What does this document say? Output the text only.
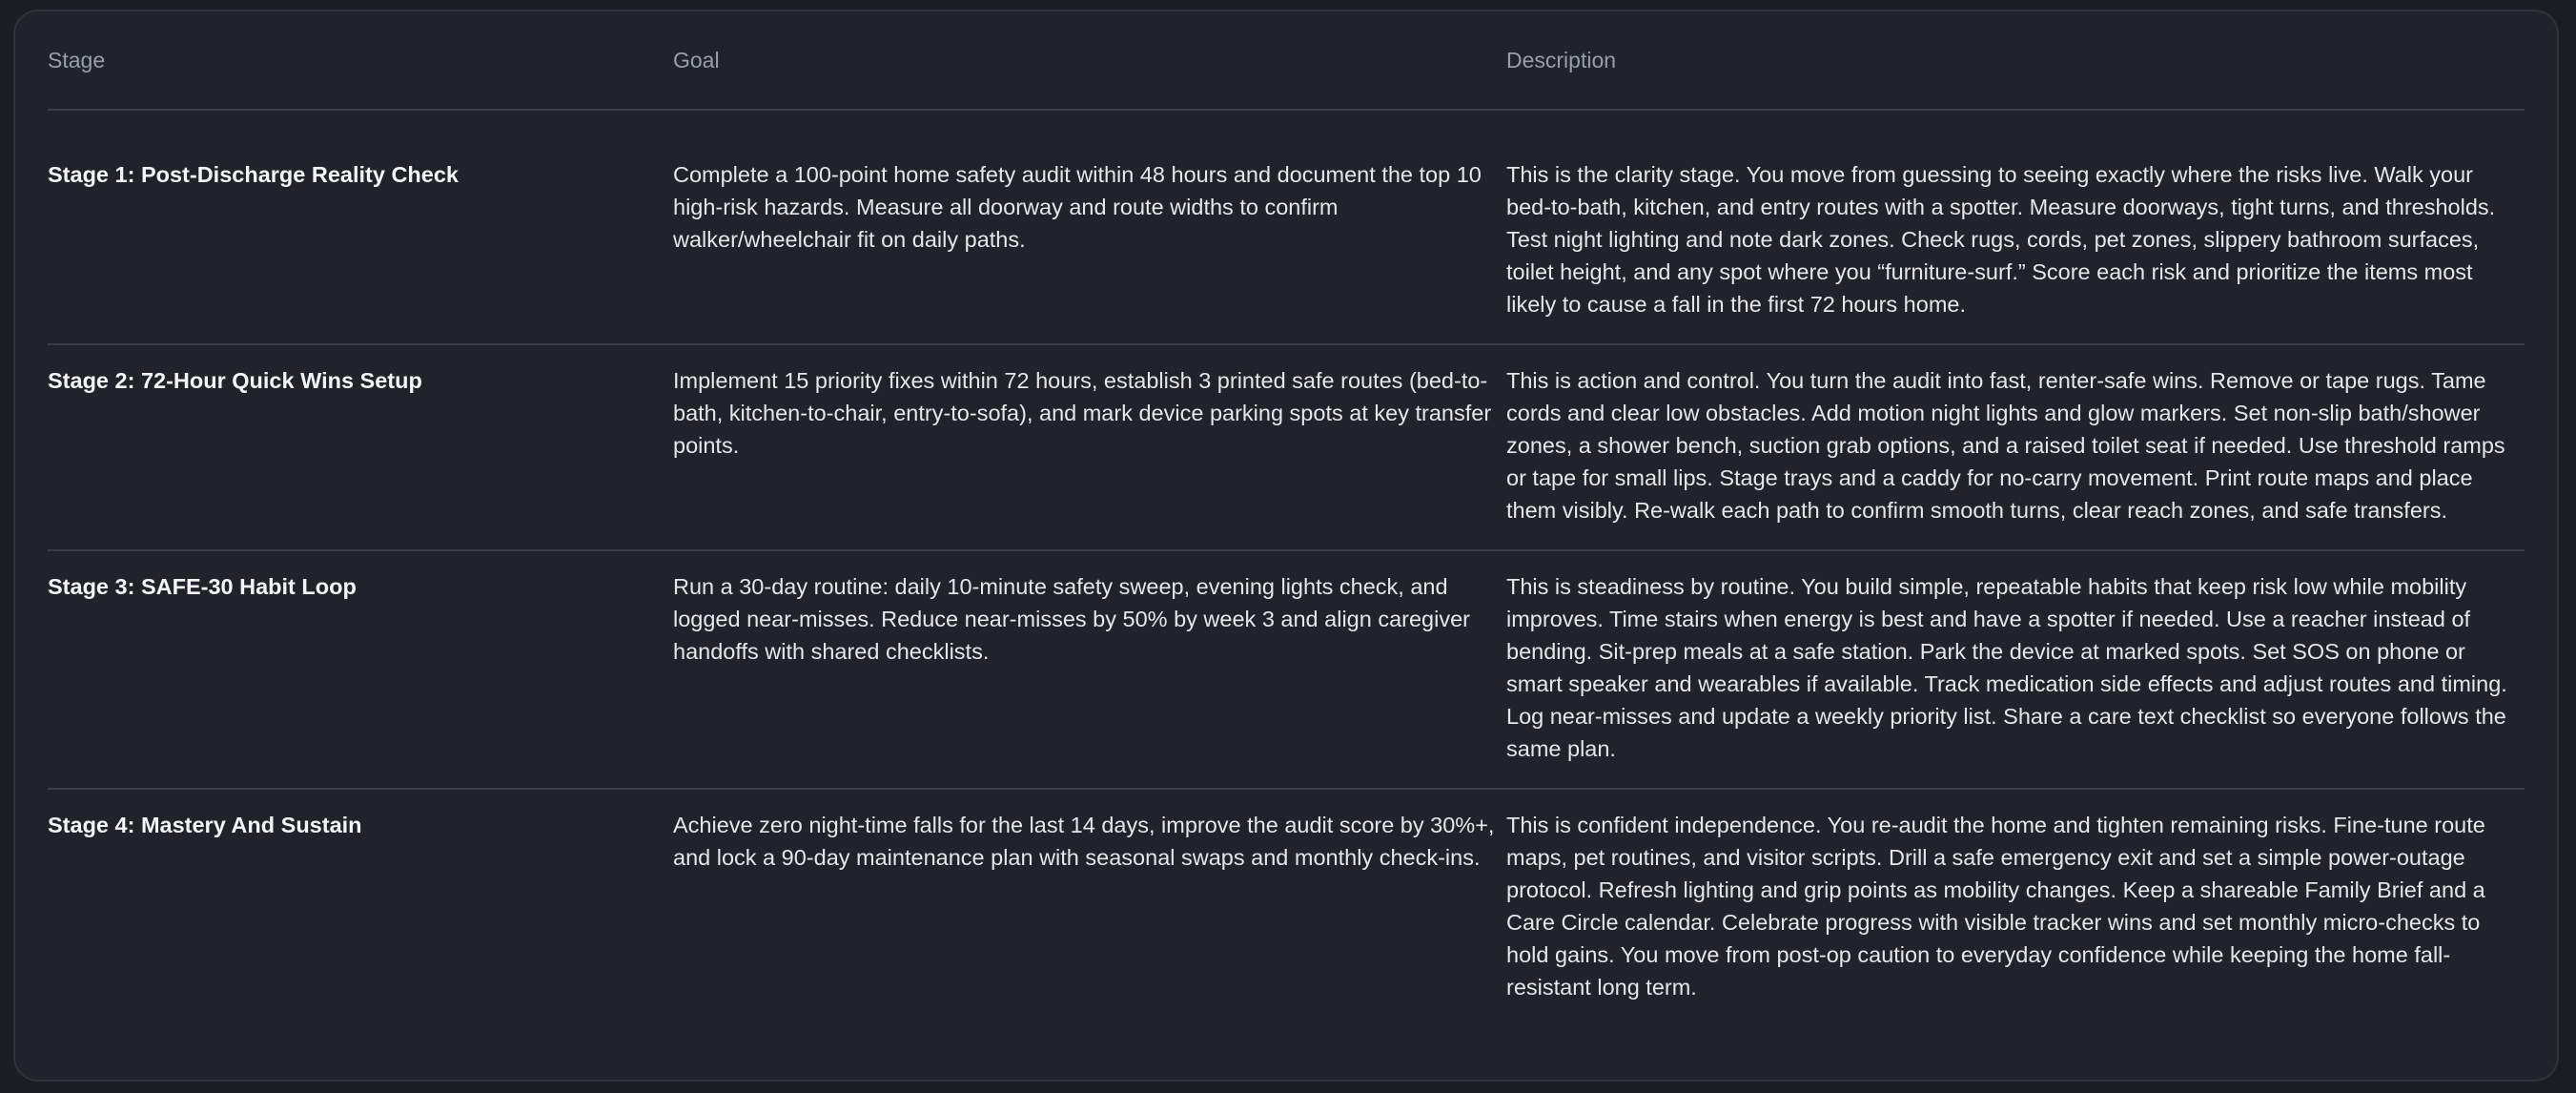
Stage	Goal	Description
Stage 1: Post-Discharge Reality Check	Complete a 100-point home safety audit within 48 hours and document the top 10 high-risk hazards. Measure all doorway and route widths to confirm walker/wheelchair fit on daily paths.	This is the clarity stage. You move from guessing to seeing exactly where the risks live. Walk your bed-to-bath, kitchen, and entry routes with a spotter. Measure doorways, tight turns, and thresholds. Test night lighting and note dark zones. Check rugs, cords, pet zones, slippery bathroom surfaces, toilet height, and any spot where you “furniture-surf.” Score each risk and prioritize the items most likely to cause a fall in the first 72 hours home.
Stage 2: 72-Hour Quick Wins Setup	Implement 15 priority fixes within 72 hours, establish 3 printed safe routes (bed-to-bath, kitchen-to-chair, entry-to-sofa), and mark device parking spots at key transfer points.	This is action and control. You turn the audit into fast, renter-safe wins. Remove or tape rugs. Tame cords and clear low obstacles. Add motion night lights and glow markers. Set non-slip bath/shower zones, a shower bench, suction grab options, and a raised toilet seat if needed. Use threshold ramps or tape for small lips. Stage trays and a caddy for no-carry movement. Print route maps and place them visibly. Re-walk each path to confirm smooth turns, clear reach zones, and safe transfers.
Stage 3: SAFE-30 Habit Loop	Run a 30-day routine: daily 10-minute safety sweep, evening lights check, and logged near-misses. Reduce near-misses by 50% by week 3 and align caregiver handoffs with shared checklists.	This is steadiness by routine. You build simple, repeatable habits that keep risk low while mobility improves. Time stairs when energy is best and have a spotter if needed. Use a reacher instead of bending. Sit-prep meals at a safe station. Park the device at marked spots. Set SOS on phone or smart speaker and wearables if available. Track medication side effects and adjust routes and timing. Log near-misses and update a weekly priority list. Share a care text checklist so everyone follows the same plan.
Stage 4: Mastery And Sustain	Achieve zero night-time falls for the last 14 days, improve the audit score by 30%+, and lock a 90-day maintenance plan with seasonal swaps and monthly check-ins.	This is confident independence. You re-audit the home and tighten remaining risks. Fine-tune route maps, pet routines, and visitor scripts. Drill a safe emergency exit and set a simple power-outage protocol. Refresh lighting and grip points as mobility changes. Keep a shareable Family Brief and a Care Circle calendar. Celebrate progress with visible tracker wins and set monthly micro-checks to hold gains. You move from post-op caution to everyday confidence while keeping the home fall-resistant long term.
